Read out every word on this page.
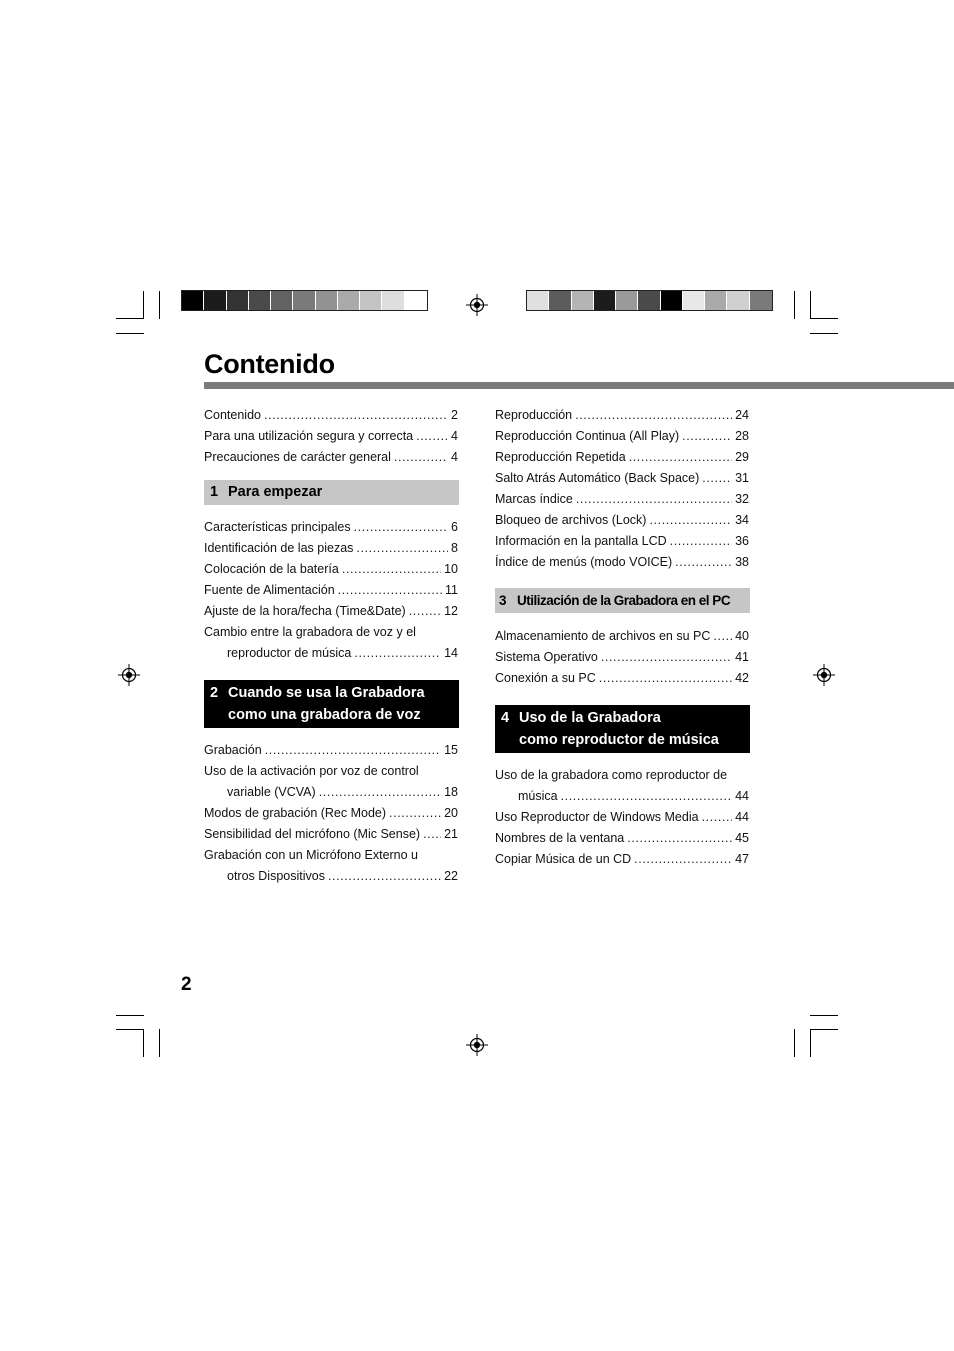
Contenido
Contenido .....	2
Para una utilización segura y correcta .....	4
Precauciones de carácter general .....	4
1 Para empezar
Características principales .....	6
Identificación de las piezas .....	8
Colocación de la batería .....	10
Fuente de Alimentación .....	11
Ajuste de la hora/fecha (Time&Date) .....	12
Cambio entre la grabadora de voz y el
reproductor de música .....	14
2 Cuando se usa la Grabadora
como una grabadora de voz
Grabación .....	15
Uso de la activación por voz de control
variable (VCVA) .....	18
Modos de grabación (Rec Mode) .....	20
Sensibilidad del micrófono (Mic Sense) ..... 21
Grabación con un Micrófono Externo u
otros Dispositivos .....	22
Reproducción .....	24
Reproducción Continua (All Play) .....	28
Reproducción Repetida .....	29
Salto Atrás Automático (Back Space) .....	31
Marcas índice .....	32
Bloqueo de archivos (Lock) .....	34
Información en la pantalla LCD .....	36
Índice de menús (modo VOICE) .....	38
3 Utilización de la Grabadora en el PC
Almacenamiento de archivos en su PC ..... 40
Sistema Operativo .....	41
Conexión a su PC .....	42
4 Uso de la Grabadora
como reproductor de música
Uso de la grabadora como reproductor de
música .....	44
Uso Reproductor de Windows Media .....	44
Nombres de la ventana .....	45
Copiar Música de un CD .....	47
2
